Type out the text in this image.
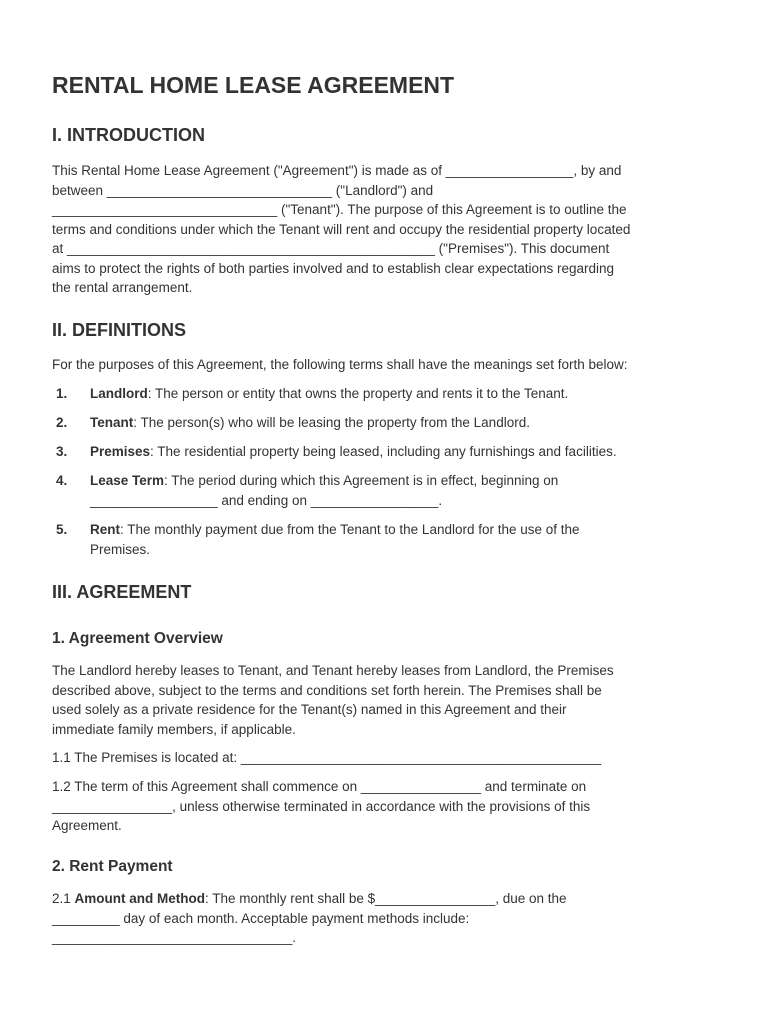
RENTAL HOME LEASE AGREEMENT
I. INTRODUCTION

This Rental Home Lease Agreement ("Agreement") is made as of _________________, by and
between ______________________________ ("Landlord") and
______________________________ ("Tenant"). The purpose of this Agreement is to outline the
terms and conditions under which the Tenant will rent and occupy the residential property located
at _________________________________________________ ("Premises"). This document
aims to protect the rights of both parties involved and to establish clear expectations regarding
the rental arrangement.

II. DEFINITIONS

For the purposes of this Agreement, the following terms shall have the meanings set forth below:

1. Landlord: The person or entity that owns the property and rents it to the Tenant.
2. Tenant: The person(s) who will be leasing the property from the Landlord.
3. Premises: The residential property being leased, including any furnishings and facilities.
4. Lease Term: The period during which this Agreement is in effect, beginning on
_________________ and ending on _________________.
5. Rent: The monthly payment due from the Tenant to the Landlord for the use of the
Premises.
III. AGREEMENT
1. Agreement Overview

The Landlord hereby leases to Tenant, and Tenant hereby leases from Landlord, the Premises
described above, subject to the terms and conditions set forth herein. The Premises shall be
used solely as a private residence for the Tenant(s) named in this Agreement and their
immediate family members, if applicable.

1.1 The Premises is located at: ________________________________________________

1.2 The term of this Agreement shall commence on ________________ and terminate on
________________, unless otherwise terminated in accordance with the provisions of this
Agreement.

2. Rent Payment

2.1 Amount and Method: The monthly rent shall be $________________, due on the
_________ day of each month. Acceptable payment methods include:
________________________________.
